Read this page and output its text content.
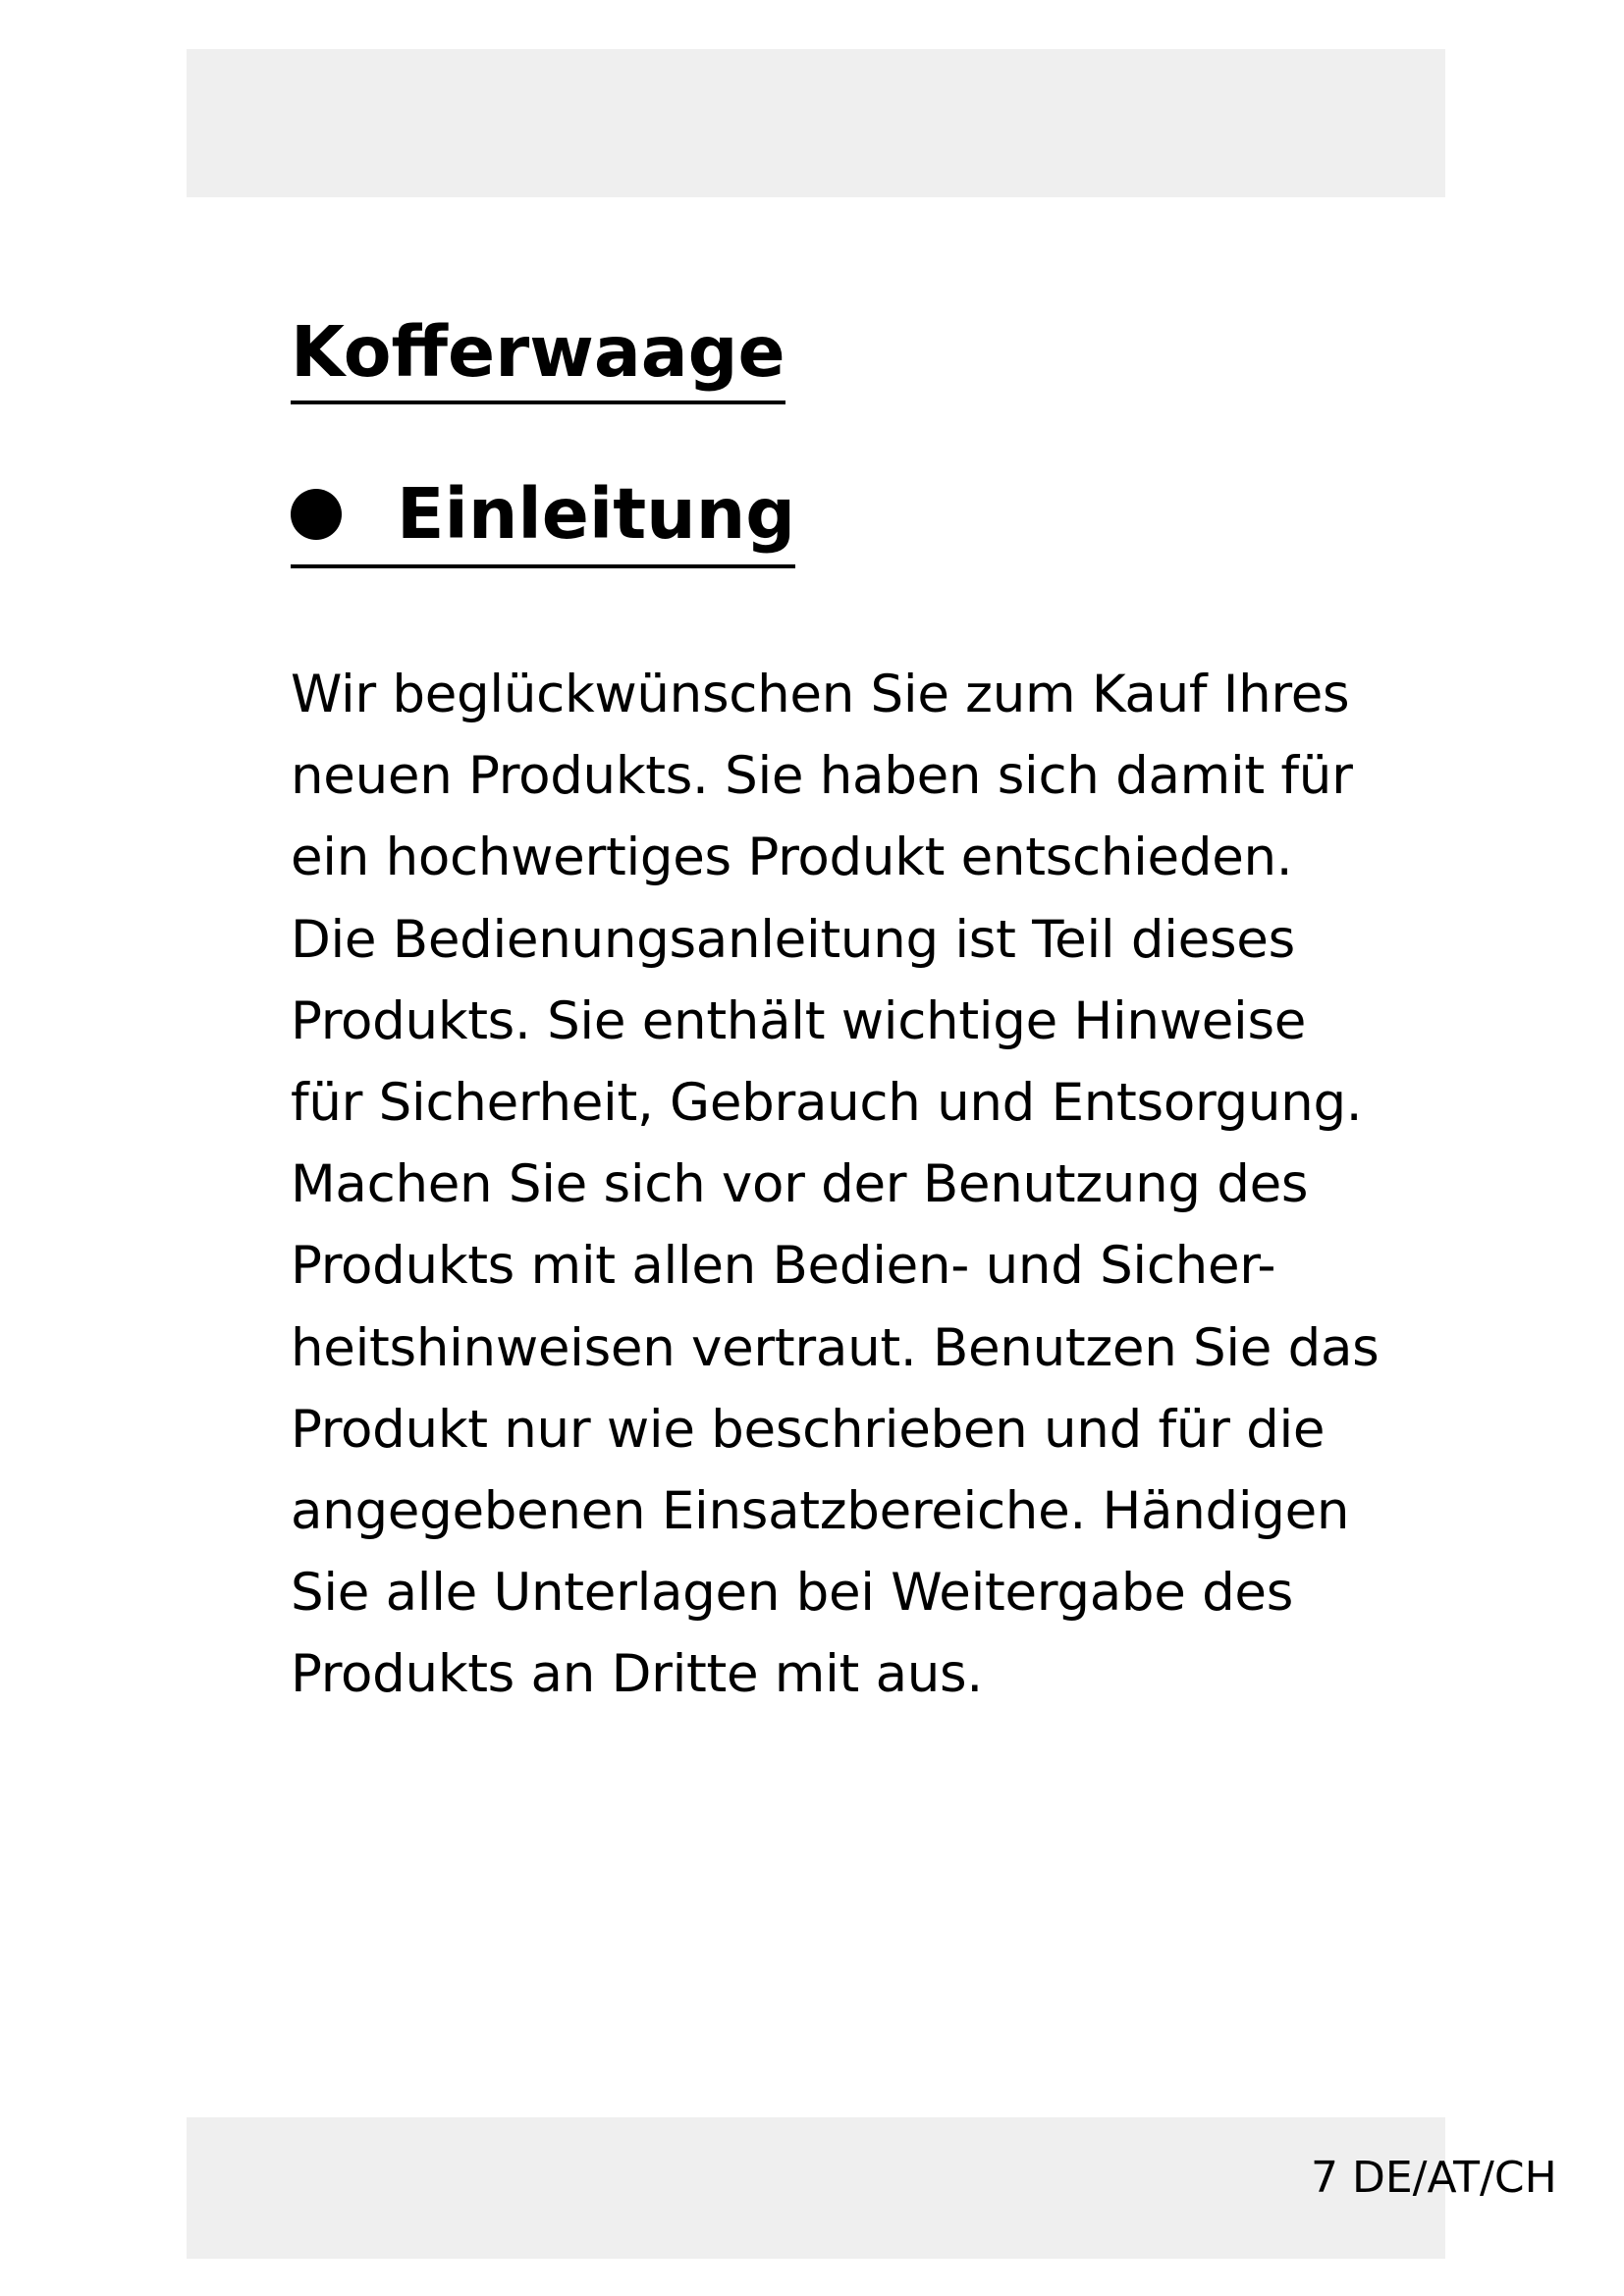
Kofferwaage
Einleitung
Wir beglückwünschen Sie zum Kauf Ihres
neuen Produkts. Sie haben sich damit für
ein hochwertiges Produkt entschieden.
Die Bedienungsanleitung ist Teil dieses
Produkts. Sie enthält wichtige Hinweise
für Sicherheit, Gebrauch und Entsorgung.
Machen Sie sich vor der Benutzung des
Produkts mit allen Bedien- und Sicher-
heitshinweisen vertraut. Benutzen Sie das
Produkt nur wie beschrieben und für die
angegebenen Einsatzbereiche. Händigen
Sie alle Unterlagen bei Weitergabe des
Produkts an Dritte mit aus.
7 DE/AT/CH
